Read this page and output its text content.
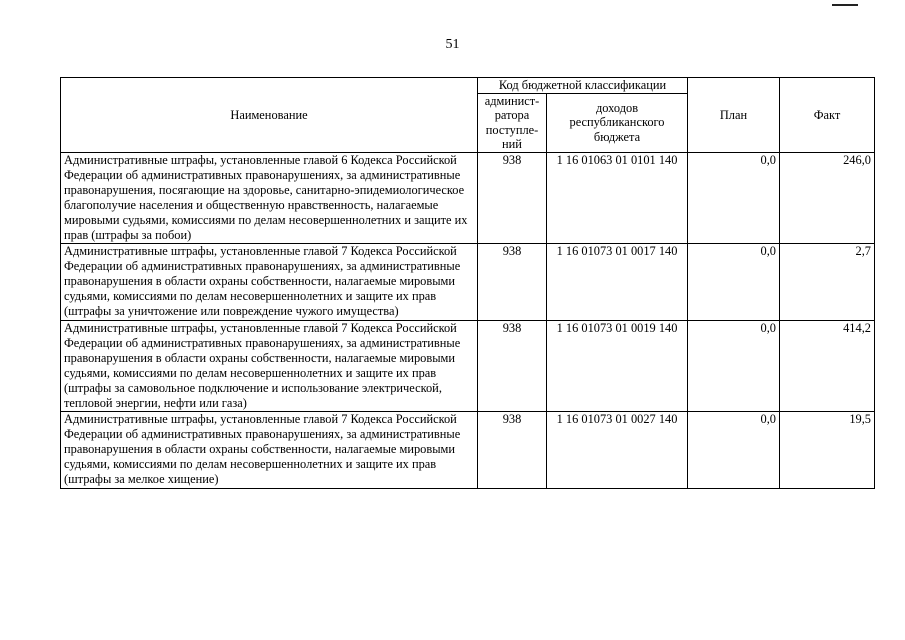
51
Наименование	Код бюджетной классификации		План	Факт
	админист-ратора поступле-ний	доходов республиканского бюджета		
Административные штрафы, установленные главой 6 Кодекса Российской Федерации об административных правонарушениях, за административные правонарушения, посягающие на здоровье, санитарно-эпидемиологическое благополучие населения и общественную нравственность, налагаемые мировыми судьями, комиссиями по делам несовершеннолетних и защите их прав (штрафы за побои)	938	1 16 01063 01 0101 140	0,0	246,0
Административные штрафы, установленные главой 7 Кодекса Российской Федерации об административных правонарушениях, за административные правонарушения в области охраны собственности, налагаемые мировыми судьями, комиссиями по делам несовершеннолетних и защите их прав (штрафы за уничтожение или повреждение чужого имущества)	938	1 16 01073 01 0017 140	0,0	2,7
Административные штрафы, установленные главой 7 Кодекса Российской Федерации об административных правонарушениях, за административные правонарушения в области охраны собственности, налагаемые мировыми судьями, комиссиями по делам несовершеннолетних и защите их прав (штрафы за самовольное подключение и использование электрической, тепловой энергии, нефти или газа)	938	1 16 01073 01 0019 140	0,0	414,2
Административные штрафы, установленные главой 7 Кодекса Российской Федерации об административных правонарушениях, за административные правонарушения в области охраны собственности, налагаемые мировыми судьями, комиссиями по делам несовершеннолетних и защите их прав (штрафы за мелкое хищение)	938	1 16 01073 01 0027 140	0,0	19,5
